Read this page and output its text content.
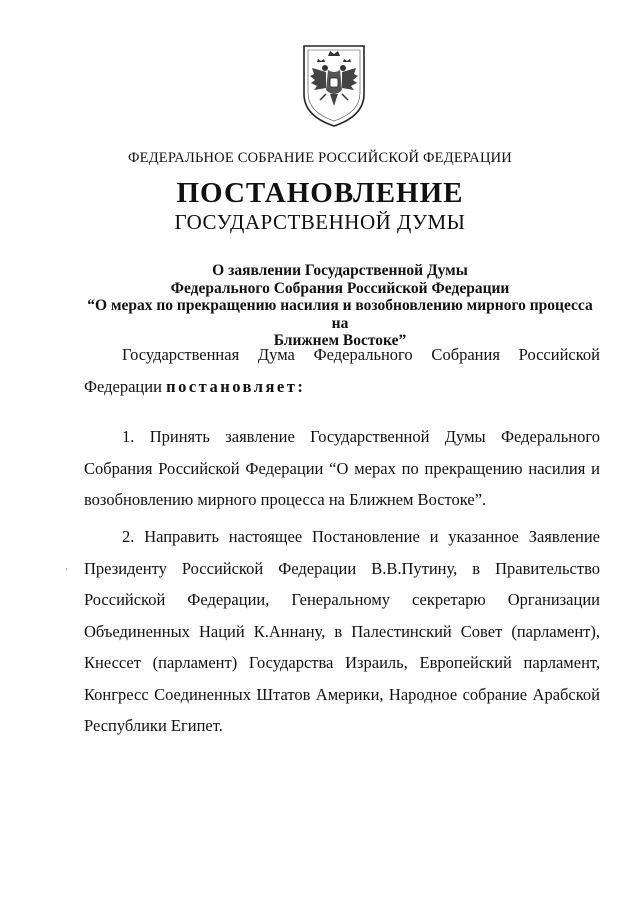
ФЕДЕРАЛЬНОЕ СОБРАНИЕ РОССИЙСКОЙ ФЕДЕРАЦИИ

ПОСТАНОВЛЕНИЕ

ГОСУДАРСТВЕННОЙ ДУМЫ

О заявлении Государственной Думы
Федерального Собрания Российской Федерации
“О мерах по прекращению насилия и возобновлению мирного процесса на
Ближнем Востоке”
Государственная Дума Федерального Собрания Российской
Федерации постановляет:
1. Принять заявление Государственной Думы Федерального
Собрания Российской Федерации “О мерах по прекращению насилия и
возобновлению мирного процесса на Ближнем Востоке”.
2. Направить настоящее Постановление и указанное Заявление
Президенту Российской Федерации В.В.Путину, в Правительство
Российской Федерации, Генеральному секретарю Организации
Объединенных Наций К.Аннану, в Палестинский Совет (парламент),
Кнессет (парламент) Государства Израиль, Европейский парламент,
Конгресс Соединенных Штатов Америки, Народное собрание Арабской
Республики Египет.
